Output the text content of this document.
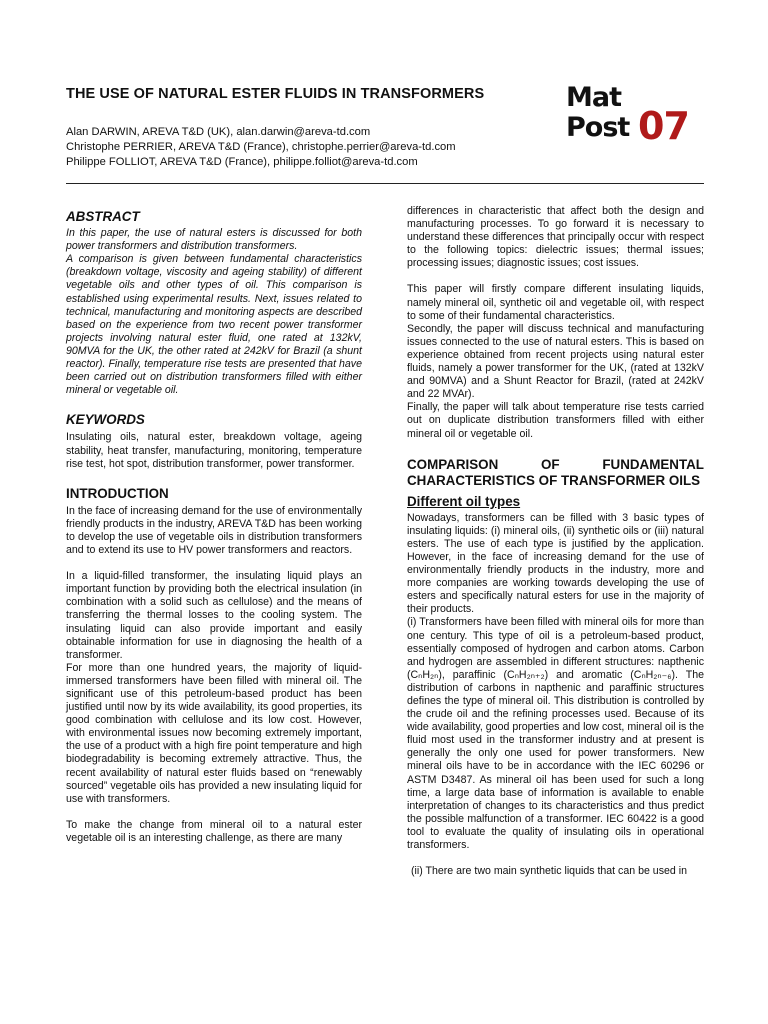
THE USE OF NATURAL ESTER FLUIDS IN TRANSFORMERS
Alan DARWIN, AREVA T&D (UK), alan.darwin@areva-td.com
Christophe PERRIER, AREVA T&D (France), christophe.perrier@areva-td.com
Philippe FOLLIOT, AREVA T&D (France), philippe.folliot@areva-td.com
Mat
Post 07
ABSTRACT

In this paper, the use of natural esters is discussed for both power transformers and distribution transformers.

A comparison is given between fundamental characteristics (breakdown voltage, viscosity and ageing stability) of different vegetable oils and other types of oil. This comparison is established using experimental results. Next, issues related to technical, manufacturing and monitoring aspects are described based on the experience from two recent power transformer projects involving natural ester fluid, one rated at 132kV, 90MVA for the UK, the other rated at 242kV for Brazil (a shunt reactor). Finally, temperature rise tests are presented that have been carried out on distribution transformers filled with either mineral or vegetable oil.

KEYWORDS

Insulating oils, natural ester, breakdown voltage, ageing stability, heat transfer, manufacturing, monitoring, temperature rise test, hot spot, distribution transformer, power transformer.

INTRODUCTION

In the face of increasing demand for the use of environmentally friendly products in the industry, AREVA T&D has been working to develop the use of vegetable oils in distribution transformers and to extend its use to HV power transformers and reactors.

In a liquid-filled transformer, the insulating liquid plays an important function by providing both the electrical insulation (in combination with a solid such as cellulose) and the means of transferring the thermal losses to the cooling system. The insulating liquid can also provide important and easily obtainable information for use in diagnosing the health of a transformer.

For more than one hundred years, the majority of liquid-immersed transformers have been filled with mineral oil. The significant use of this petroleum-based product has been justified until now by its wide availability, its good properties, its good combination with cellulose and its low cost. However, with environmental issues now becoming extremely important, the use of a product with a high fire point temperature and high biodegradability is becoming extremely attractive. Thus, the recent availability of natural ester fluids based on “renewably sourced” vegetable oils has provided a new insulating liquid for use with transformers.

To make the change from mineral oil to a natural ester vegetable oil is an interesting challenge, as there are many

differences in characteristic that affect both the design and manufacturing processes. To go forward it is necessary to understand these differences that principally occur with respect to the following topics: dielectric issues; thermal issues; processing issues; diagnostic issues; cost issues.

This paper will firstly compare different insulating liquids, namely mineral oil, synthetic oil and vegetable oil, with respect to some of their fundamental characteristics.

Secondly, the paper will discuss technical and manufacturing issues connected to the use of natural esters. This is based on experience obtained from recent projects using natural ester fluids, namely a power transformer for the UK, (rated at 132kV and 90MVA) and a Shunt Reactor for Brazil, (rated at 242kV and 22 MVAr).

Finally, the paper will talk about temperature rise tests carried out on duplicate distribution transformers filled with either mineral oil or vegetable oil.

COMPARISON OF FUNDAMENTAL CHARACTERISTICS OF TRANSFORMER OILS
Different oil types

Nowadays, transformers can be filled with 3 basic types of insulating liquids: (i) mineral oils, (ii) synthetic oils or (iii) natural esters. The use of each type is justified by the application. However, in the face of increasing demand for the use of environmentally friendly products in the industry, more and more companies are working towards developing the use of esters and specifically natural esters for use in the majority of their products.

(i) Transformers have been filled with mineral oils for more than one century. This type of oil is a petroleum-based product, essentially composed of hydrogen and carbon atoms. Carbon and hydrogen are assembled in different structures: napthenic (CₙH₂ₙ), paraffinic (CₙH₂ₙ₊₂) and aromatic (CₙH₂ₙ₋₆). The distribution of carbons in napthenic and paraffinic structures defines the type of mineral oil. This distribution is controlled by the crude oil and the refining processes used. Because of its wide availability, good properties and low cost, mineral oil is the fluid most used in the transformer industry and at present is generally the only one used for power transformers. New mineral oils have to be in accordance with the IEC 60296 or ASTM D3487. As mineral oil has been used for such a long time, a large data base of information is available to enable interpretation of changes to its characteristics and thus predict the possible malfunction of a transformer. IEC 60422 is a good tool to evaluate the quality of insulating oils in operational transformers.

(ii) There are two main synthetic liquids that can be used in
